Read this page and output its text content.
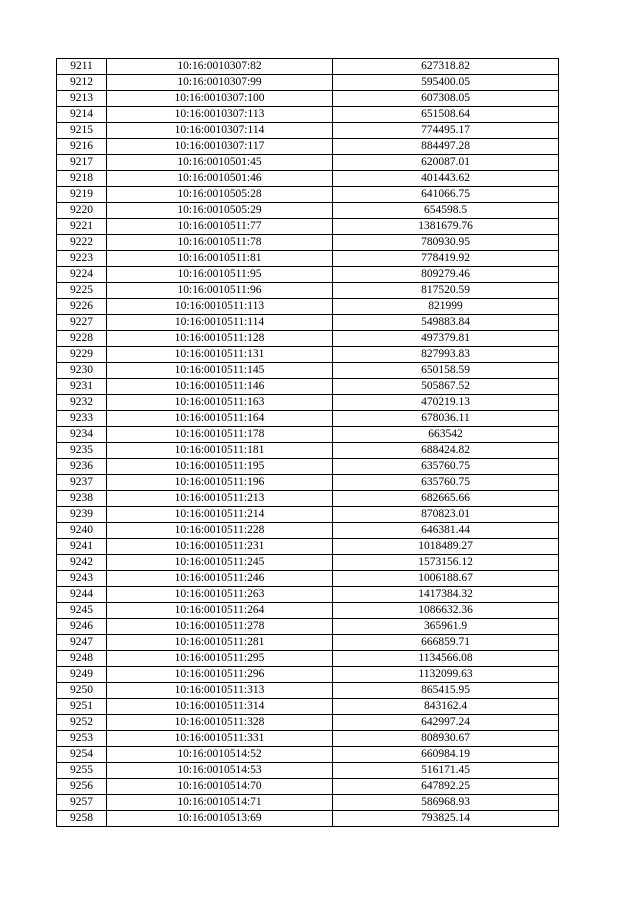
9211	10:16:0010307:82	627318.82
9212	10:16:0010307:99	595400.05
9213	10:16:0010307:100	607308.05
9214	10:16:0010307:113	651508.64
9215	10:16:0010307:114	774495.17
9216	10:16:0010307:117	884497.28
9217	10:16:0010501:45	620087.01
9218	10:16:0010501:46	401443.62
9219	10:16:0010505:28	641066.75
9220	10:16:0010505:29	654598.5
9221	10:16:0010511:77	1381679.76
9222	10:16:0010511:78	780930.95
9223	10:16:0010511:81	778419.92
9224	10:16:0010511:95	809279.46
9225	10:16:0010511:96	817520.59
9226	10:16:0010511:113	821999
9227	10:16:0010511:114	549883.84
9228	10:16:0010511:128	497379.81
9229	10:16:0010511:131	827993.83
9230	10:16:0010511:145	650158.59
9231	10:16:0010511:146	505867.52
9232	10:16:0010511:163	470219.13
9233	10:16:0010511:164	678036.11
9234	10:16:0010511:178	663542
9235	10:16:0010511:181	688424.82
9236	10:16:0010511:195	635760.75
9237	10:16:0010511:196	635760.75
9238	10:16:0010511:213	682665.66
9239	10:16:0010511:214	870823.01
9240	10:16:0010511:228	646381.44
9241	10:16:0010511:231	1018489.27
9242	10:16:0010511:245	1573156.12
9243	10:16:0010511:246	1006188.67
9244	10:16:0010511:263	1417384.32
9245	10:16:0010511:264	1086632.36
9246	10:16:0010511:278	365961.9
9247	10:16:0010511:281	666859.71
9248	10:16:0010511:295	1134566.08
9249	10:16:0010511:296	1132099.63
9250	10:16:0010511:313	865415.95
9251	10:16:0010511:314	843162.4
9252	10:16:0010511:328	642997.24
9253	10:16:0010511:331	808930.67
9254	10:16:0010514:52	660984.19
9255	10:16:0010514:53	516171.45
9256	10:16:0010514:70	647892.25
9257	10:16:0010514:71	586968.93
9258	10:16:0010513:69	793825.14
